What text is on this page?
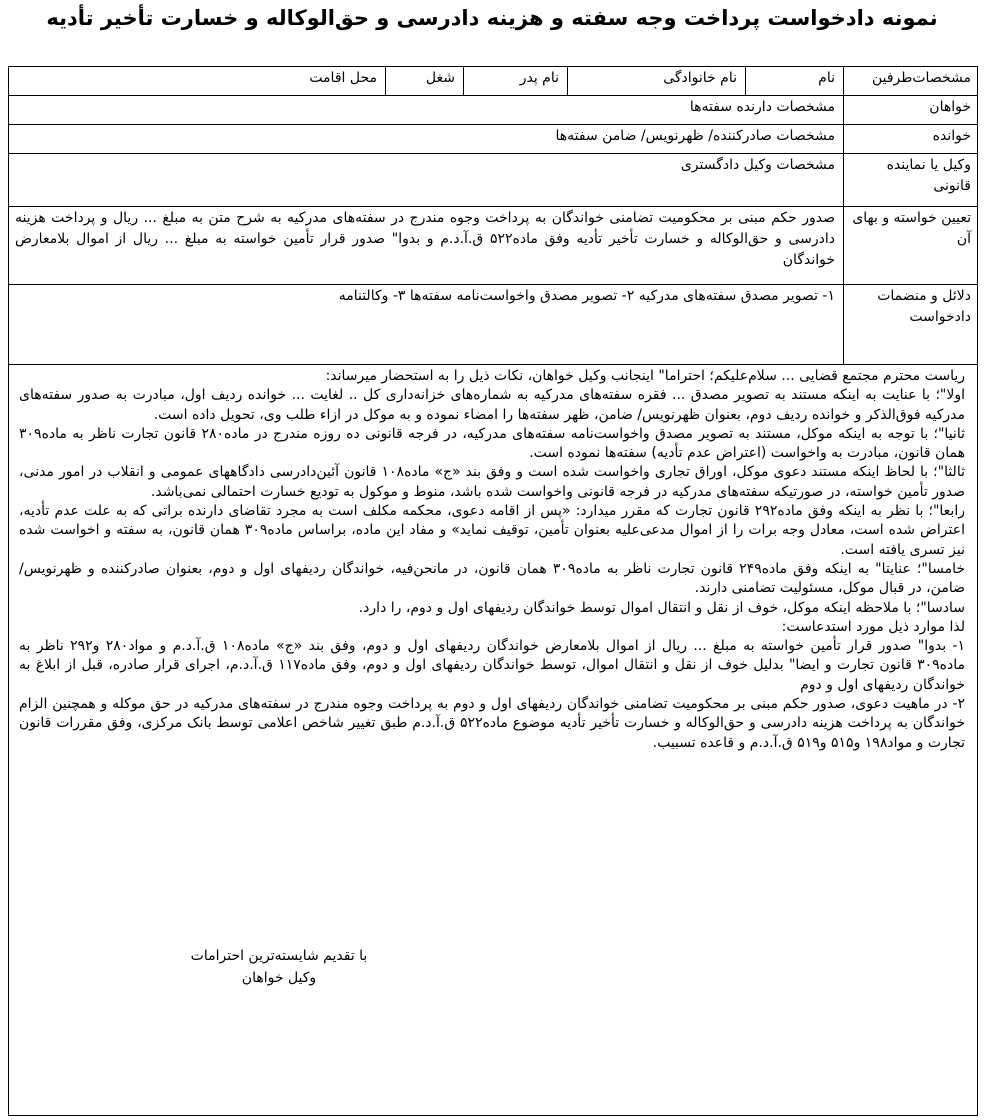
نمونه دادخواست پرداخت وجه سفته و هزینه دادرسی و حق‌الوکاله و خسارت تأخیر تأدیه
مشخصات‌طرفین
نام
نام خانوادگی
نام پدر
شغل
محل اقامت
خواهان
مشخصات دارنده سفته‌ها
خوانده
مشخصات صادرکننده/ ظهرنویس/ ضامن سفته‌ها
وکیل یا نماینده قانونی
مشخصات وکیل دادگستری
تعیین خواسته و بهای آن
صدور حکم مبنی بر محکومیت تضامنی خواندگان به پرداخت وجوه مندرج در سفته‌های مدرکیه به شرح متن به مبلغ ... ریال و پرداخت هزینه دادرسی و حق‌الوکاله و خسارت تأخیر تأدیه وفق ماده۵۲۲ ق.آ.د.م و بدوا" صدور قرار تأمین خواسته به مبلغ ... ریال از اموال بلامعارض خواندگان
دلائل و منضمات دادخواست
۱- تصویر مصدق سفته‌های مدرکیه ۲- تصویر مصدق واخواست‌نامه سفته‌ها ۳- وکالتنامه

ریاست محترم مجتمع قضایی ... سلام‌علیکم؛ احتراما" اینجانب وکیل خواهان، نکات ذیل را به استحضار میرساند:

اولا"؛ با عنایت به اینکه مستند به تصویر مصدق ... فقره سفته‌های مدرکیه به شماره‌های خزانه‌داری کل .. لغایت ... خوانده ردیف اول، مبادرت به صدور سفته‌های مدرکیه فوق‌الذکر و خوانده ردیف دوم، بعنوان ظهرنویس/ ضامن، ظهر سفته‌ها را امضاء نموده و به موکل در ازاء طلب وی، تحویل داده است.

ثانیا"؛ با توجه به اینکه موکل، مستند به تصویر مصدق واخواست‌نامه سفته‌های مدرکیه، در فرجه قانونی ده روزه مندرج در ماده۲۸۰ قانون تجارت ناظر به ماده۳۰۹ همان قانون، مبادرت به واخواست (اعتراض عدم تأدیه) سفته‌ها نموده است.

ثالثا"؛ با لحاظ اینکه مستند دعوی موکل، اوراق تجاری واخواست شده است و وفق بند «ج» ماده۱۰۸ قانون آئین‌دادرسی دادگاههای عمومی و انقلاب در امور مدنی، صدور تأمین خواسته، در صورتیکه سفته‌های مدرکیه در فرجه قانونی واخواست شده باشد، منوط و موکول به تودیع خسارت احتمالی نمی‌باشد.

رابعا"؛ با نظر به اینکه وفق ماده۲۹۲ قانون تجارت که مقرر میدارد: «پس از اقامه دعوی، محکمه مکلف است به مجرد تقاضای دارنده براتی که به علت عدم تأدیه، اعتراض شده است، معادل وجه برات را از اموال مدعی‌علیه بعنوان تأمین، توقیف نماید» و مفاد این ماده، براساس ماده۳۰۹ همان قانون، به سفته و اخواست شده نیز تسری یافته است.

خامسا"؛ عنایتا" به اینکه وفق ماده۲۴۹ قانون تجارت ناظر به ماده۳۰۹ همان قانون، در مانحن‌فیه، خواندگان ردیفهای اول و دوم، بعنوان صادرکننده و ظهرنویس/ضامن، در قبال موکل، مسئولیت تضامنی دارند.

سادسا"؛ با ملاحظه اینکه موکل، خوف از نقل و انتقال اموال توسط خواندگان ردیفهای اول و دوم، را دارد.

لذا موارد ذیل مورد استدعاست:

۱- بدوا" صدور قرار تأمین خواسته به مبلغ ... ریال از اموال بلامعارض خواندگان ردیفهای اول و دوم، وفق بند «ج» ماده۱۰۸ ق.آ.د.م و مواد۲۸۰ و۲۹۲ ناظر به ماده۳۰۹ قانون تجارت و ایضا" بدلیل خوف از نقل و انتقال اموال، توسط خواندگان ردیفهای اول و دوم، وفق ماده۱۱۷ ق.آ.د.م، اجرای قرار صادره، قبل از ابلاغ به خواندگان ردیفهای اول و دوم

۲- در ماهیت دعوی، صدور حکم مبنی بر محکومیت تضامنی خواندگان ردیفهای اول و دوم به پرداخت وجوه مندرج در سفته‌های مدرکیه در حق موکله و همچنین الزام خواندگان به پرداخت هزینه دادرسی و حق‌الوکاله و خسارت تأخیر تأدیه موضوع ماده۵۲۲ ق.آ.د.م طبق تغییر شاخص اعلامی توسط بانک مرکزی، وفق مقررات قانون تجارت و مواد۱۹۸ و۵۱۵ و۵۱۹ ق.آ.د.م و قاعده تسبیب.

با تقدیم شایسته‌ترین احترامات
وکیل خواهان
